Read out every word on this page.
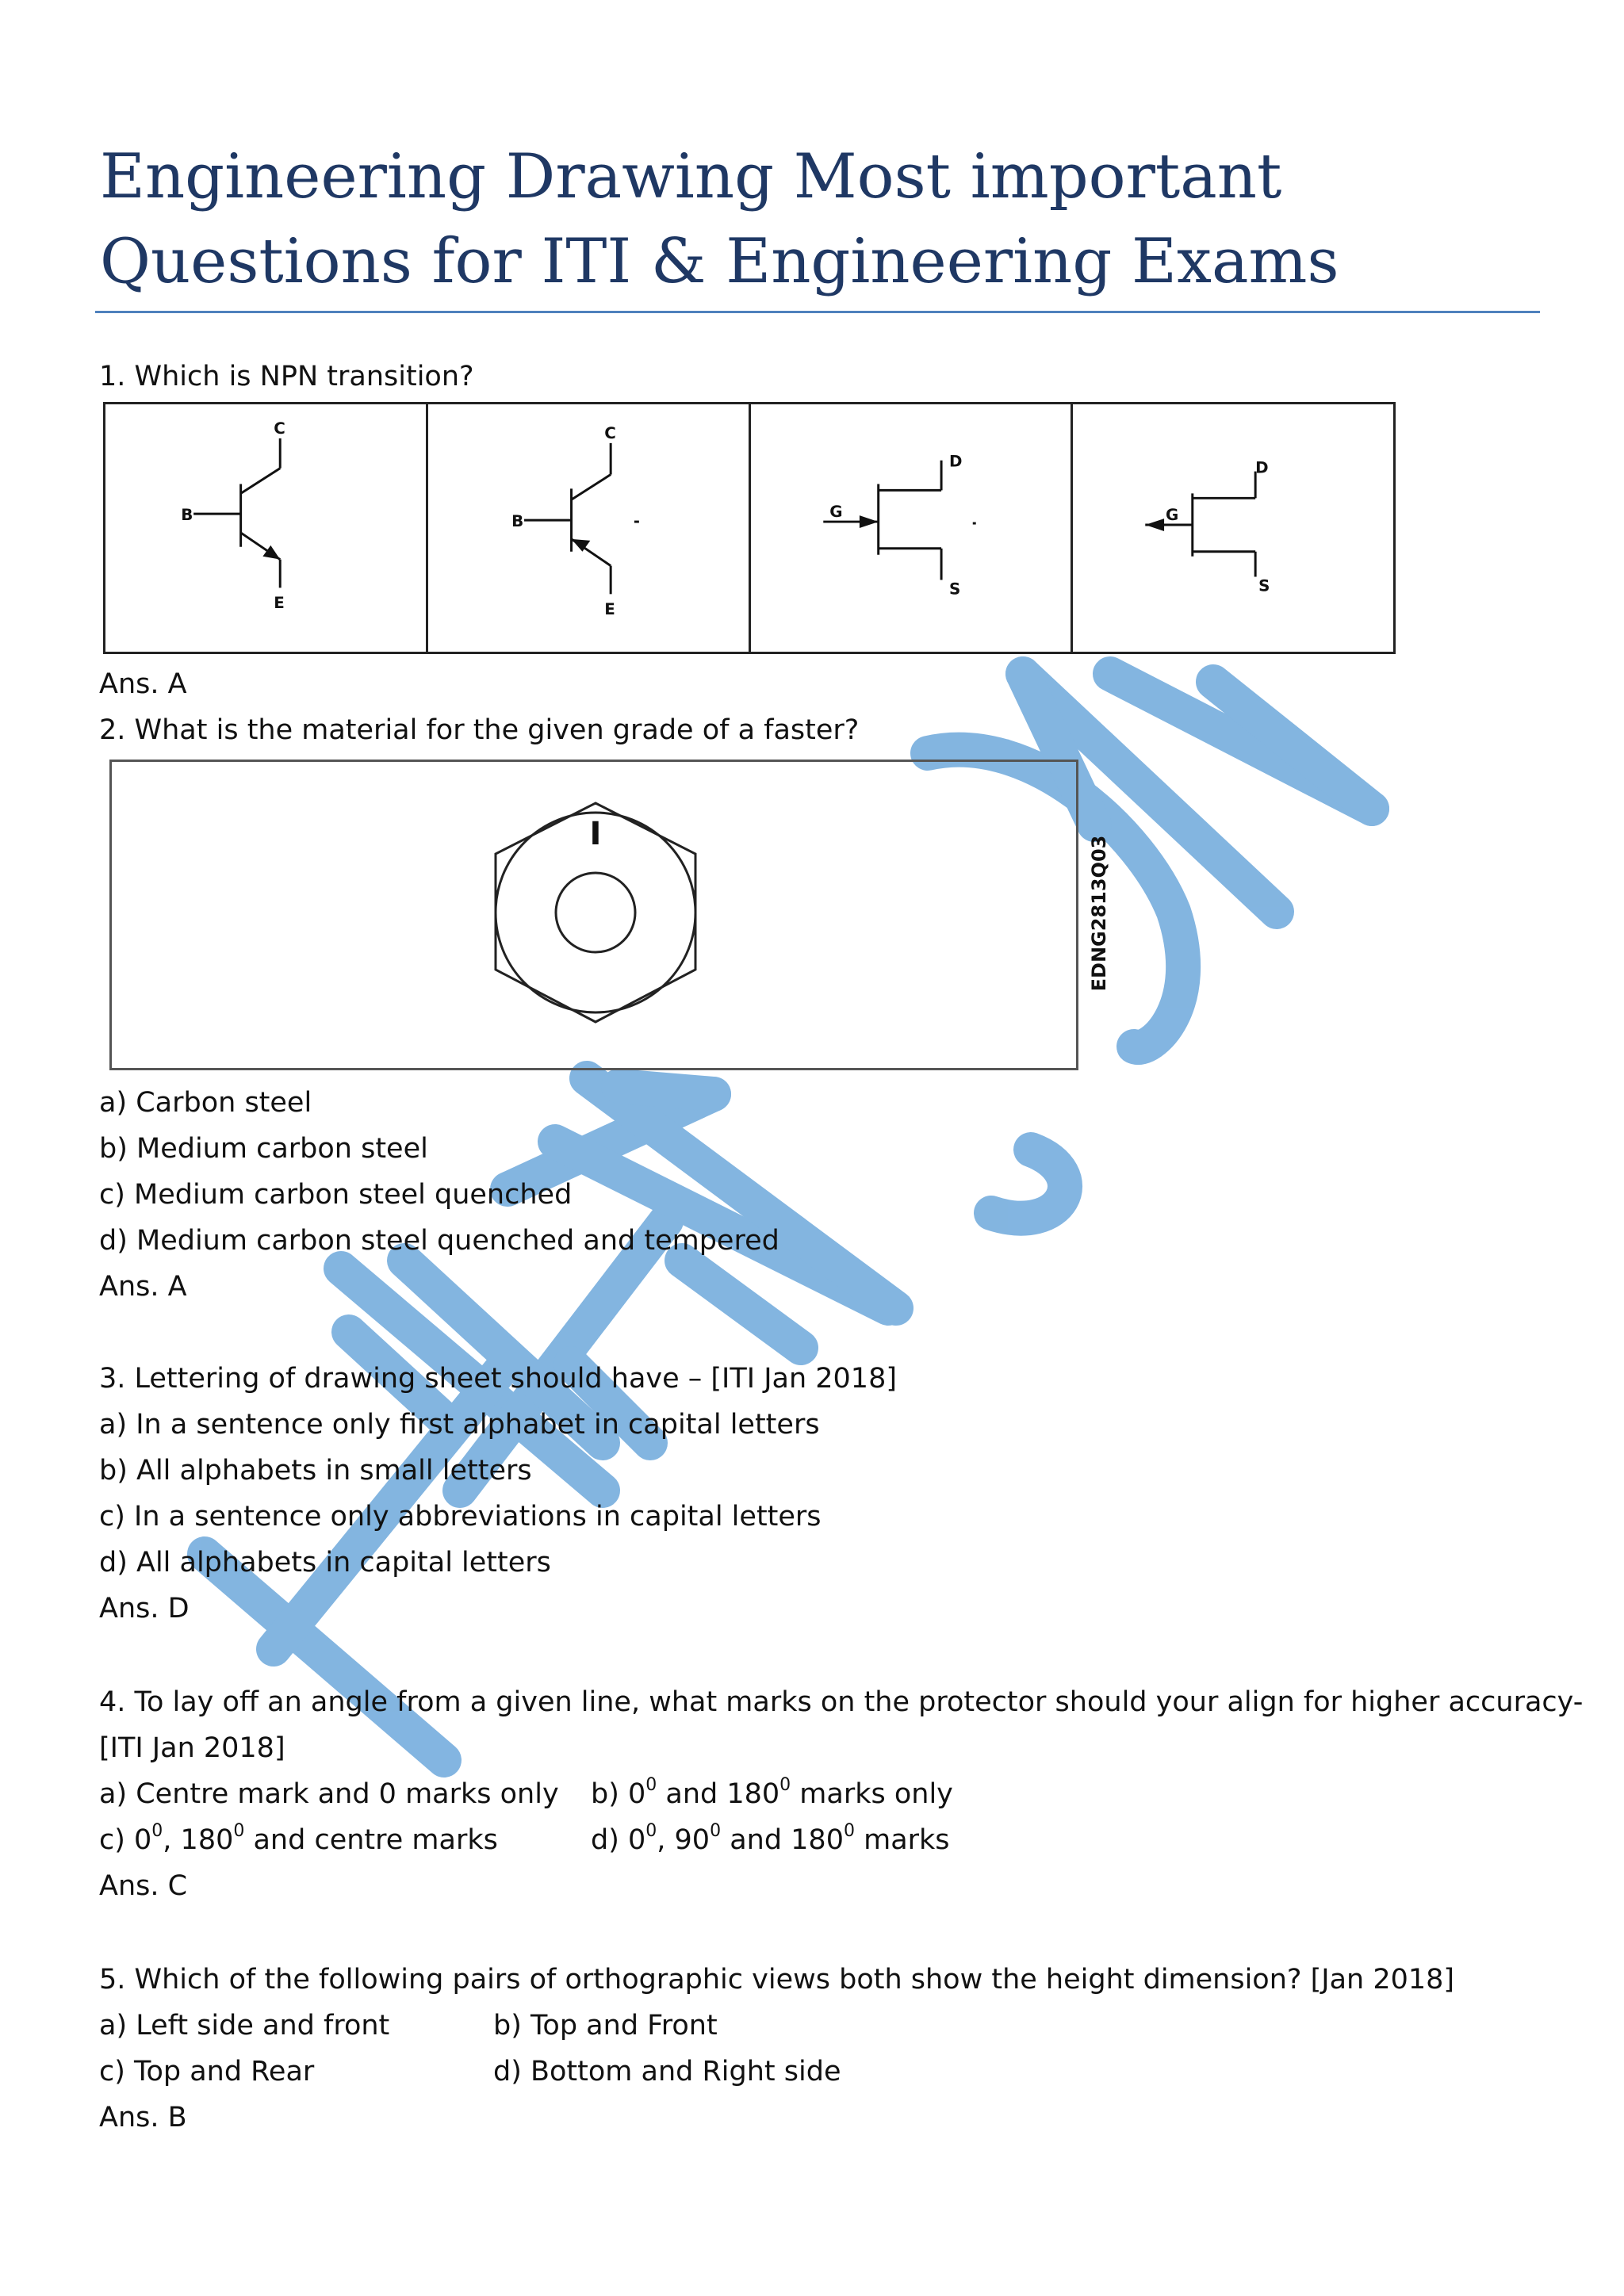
Engineering Drawing Most important
Questions for ITI & Engineering Exams
1. Which is NPN transition?
C
B
E
C
B
E
D
G
S
D
G
S
Ans. A
2. What is the material for the given grade of a faster?
I
EDNG2813Q03
a) Carbon steel
b) Medium carbon steel
c) Medium carbon steel quenched
d) Medium carbon steel quenched and tempered
Ans. A
3. Lettering of drawing sheet should have – [ITI Jan 2018]
a) In a sentence only first alphabet in capital letters
b) All alphabets in small letters
c) In a sentence only abbreviations in capital letters
d) All alphabets in capital letters
Ans. D
4. To lay off an angle from a given line, what marks on the protector should your align for higher accuracy-
[ITI Jan 2018]
a) Centre mark and 0 marks only b) $0^0$ and $180^0$ marks only
c) $0^0$, $180^0$ and centre marks	d) $0^0$, $90^0$ and $180^0$ marks
Ans. C
5. Which of the following pairs of orthographic views both show the height dimension? [Jan 2018]
a) Left side and front	b) Top and Front
c) Top and Rear	d) Bottom and Right side
Ans. B
